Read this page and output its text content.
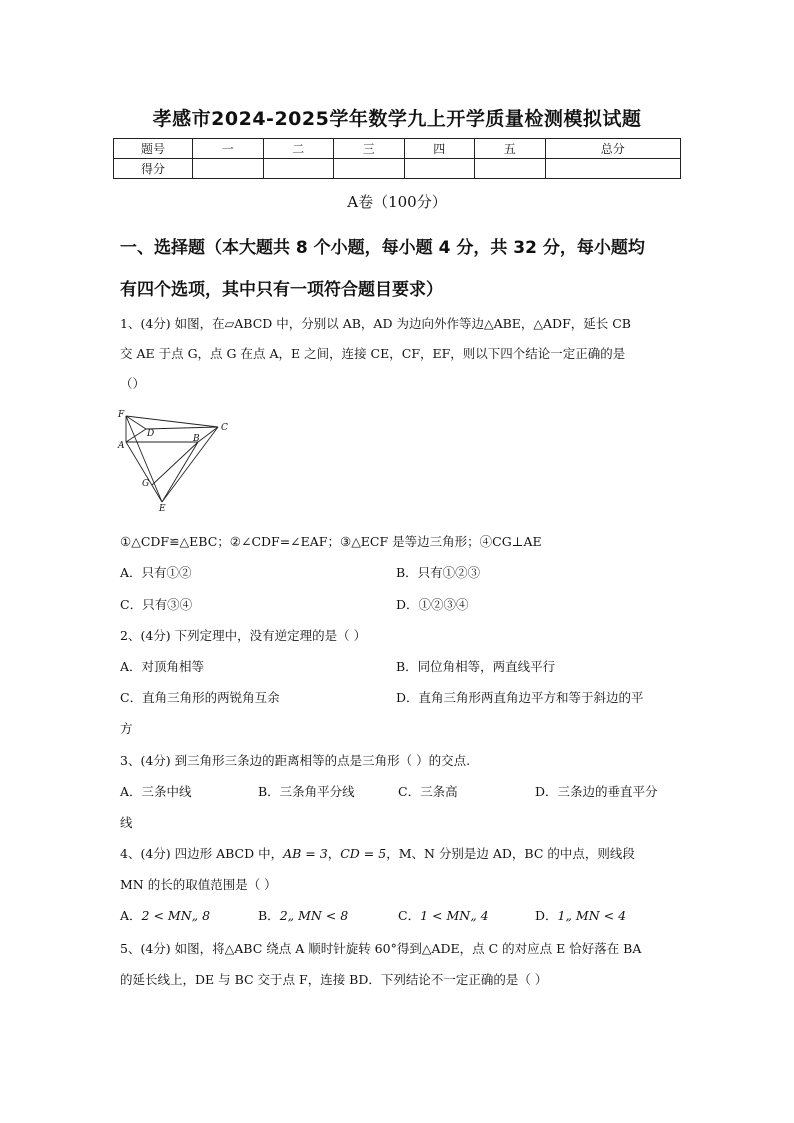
孝感市2024-2025学年数学九上开学质量检测模拟试题
题号	一	二	三	四	五	总分
得分						
A卷（100分）
一、选择题（本大题共 8 个小题，每小题 4 分，共 32 分，每小题均
有四个选项，其中只有一项符合题目要求）
1、(4分) 如图，在▱ABCD 中，分别以 AB，AD 为边向外作等边△ABE，△ADF，延长 CB
交 AE 于点 G，点 G 在点 A，E 之间，连接 CE，CF，EF，则以下四个结论一定正确的是
（）
F
D
C
A
B
G
E
①△CDF≌△EBC；②∠CDF=∠EAF；③△ECF 是等边三角形；④CG⊥AE
A．只有①②	B．只有①②③
C．只有③④	D．①②③④
2、(4分) 下列定理中，没有逆定理的是（ ）
A．对顶角相等	B．同位角相等，两直线平行
C．直角三角形的两锐角互余	D．直角三角形两直角边平方和等于斜边的平
方
3、(4分) 到三角形三条边的距离相等的点是三角形（ ）的交点.
A．三条中线	B．三条角平分线	C．三条高	D．三条边的垂直平分
线
4、(4分) 四边形 ABCD 中，AB = 3，CD = 5，M、N 分别是边 AD，BC 的中点，则线段
MN 的长的取值范围是（ ）
A．2 < MN„ 8	B．2„ MN < 8	C．1 < MN„ 4	D．1„ MN < 4
5、(4分) 如图，将△ABC 绕点 A 顺时针旋转 60°得到△ADE，点 C 的对应点 E 恰好落在 BA
的延长线上，DE 与 BC 交于点 F，连接 BD．下列结论不一定正确的是（ ）
